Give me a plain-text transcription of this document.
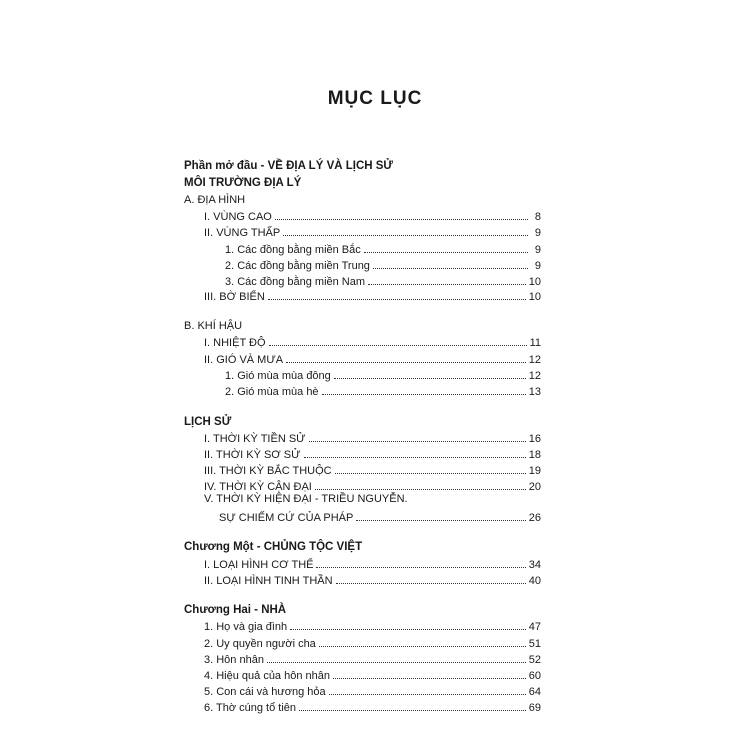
MỤC LỤC
Phần mở đầu - VỀ ĐỊA LÝ VÀ LỊCH SỬ
MÔI TRƯỜNG ĐỊA LÝ
A. ĐỊA HÌNH
I. VÙNG CAO	8
II. VÙNG THẤP	9
1. Các đồng bằng miền Bắc	9
2. Các đồng bằng miền Trung	9
3. Các đồng bằng miền Nam	10
III. BỜ BIỂN	10
B. KHÍ HẬU
I. NHIỆT ĐỘ	11
II. GIÓ VÀ MƯA	12
1. Gió mùa mùa đông	12
2. Gió mùa mùa hè	13
LỊCH SỬ
I. THỜI KỲ TIỀN SỬ	16
II. THỜI KỲ SƠ SỬ	18
III. THỜI KỲ BẮC THUỘC	19
IV. THỜI KỲ CẬN ĐẠI	20
V. THỜI KỲ HIỆN ĐẠI - TRIỀU NGUYỄN.
SỰ CHIẾM CỨ CỦA PHÁP	26
Chương Một - CHỦNG TỘC VIỆT
I. LOẠI HÌNH CƠ THỂ	34
II. LOẠI HÌNH TINH THẦN	40
Chương Hai - NHÀ
1. Họ và gia đình	47
2. Uy quyền người cha	51
3. Hôn nhân	52
4. Hiệu quả của hôn nhân	60
5. Con cái và hương hỏa	64
6. Thờ cúng tổ tiên	69
